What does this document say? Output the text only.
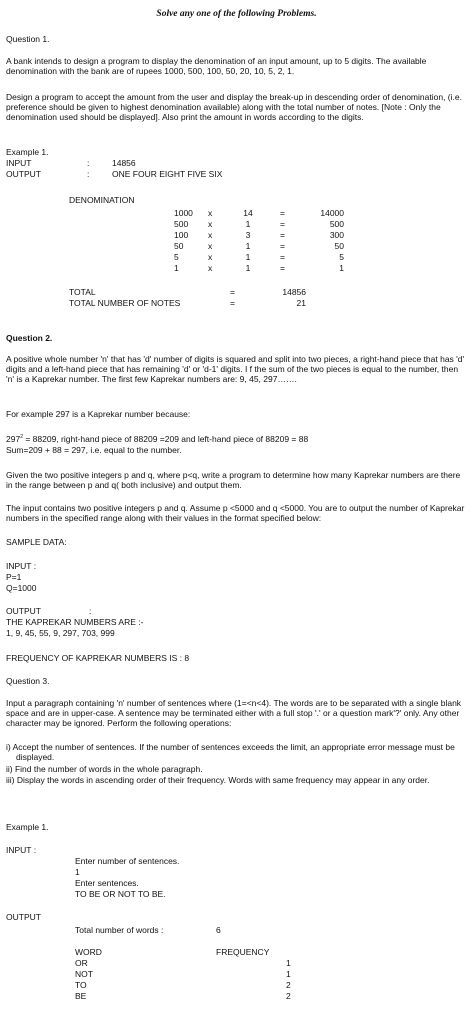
Solve any one of the following Problems.
Question 1.
A bank intends to design a program to display the denomination of an input amount, up to 5 digits. The available denomination with the bank are of rupees 1000, 500, 100, 50, 20, 10, 5, 2, 1.
Design a program to accept the amount from the user and display the break-up in descending order of denomination, (i.e. preference should be given to highest denomination available) along with the total number of notes. [Note : Only the denomination used should be displayed]. Also print the amount in words according to the digits.
Example 1.
INPUT	:	14856
OUTPUT	:	ONE FOUR EIGHT FIVE SIX
DENOMINATION
1000 x	14	=	14000
500 x	1	=	500
100 x	3	=	300
50	x	1	=	50
5	x	1	=	5
1	x	1	=	1
TOTAL	=	14856
TOTAL NUMBER OF NOTES	=	21
Question 2.
A positive whole number 'n' that has 'd' number of digits is squared and split into two pieces, a right-hand piece that has 'd' digits and a left-hand piece that has remaining 'd' or 'd-1' digits. I f the sum of the two pieces is equal to the number, then 'n' is a Kaprekar number. The first few Kaprekar numbers are: 9, 45, 297…….
For example 297 is a Kaprekar number because:
$297^2 = 88209$, right-hand piece of 88209 =209 and left-hand piece of 88209 = 88
Sum=209 + 88 = 297, i.e. equal to the number.
Given the two positive integers p and q, where p<q, write a program to determine how many Kaprekar numbers are there in the range between p and q( both inclusive) and output them.
The input contains two positive integers p and q. Assume p <5000 and q <5000. You are to output the number of Kaprekar numbers in the specified range along with their values in the format specified below:
SAMPLE DATA:
INPUT :
P=1
Q=1000
OUTPUT	:
THE KAPREKAR NUMBERS ARE :-
1, 9, 45, 55, 9, 297, 703, 999
FREQUENCY OF KAPREKAR NUMBERS IS : 8
Question 3.
Input a paragraph containing 'n' number of sentences where (1=<n<4). The words are to be separated with a single blank space and are in upper-case. A sentence may be terminated either with a full stop '.' or a question mark'?' only. Any other character may be ignored. Perform the following operations:
i) Accept the number of sentences. If the number of sentences exceeds the limit, an appropriate error message must be displayed.
ii) Find the number of words in the whole paragraph.
iii) Display the words in ascending order of their frequency. Words with same frequency may appear in any order.
Example 1.
INPUT :
Enter number of sentences.
1
Enter sentences.
TO BE OR NOT TO BE.
OUTPUT
Total number of words :	6
WORD	FREQUENCY
OR	1
NOT	1
TO	2
BE	2
